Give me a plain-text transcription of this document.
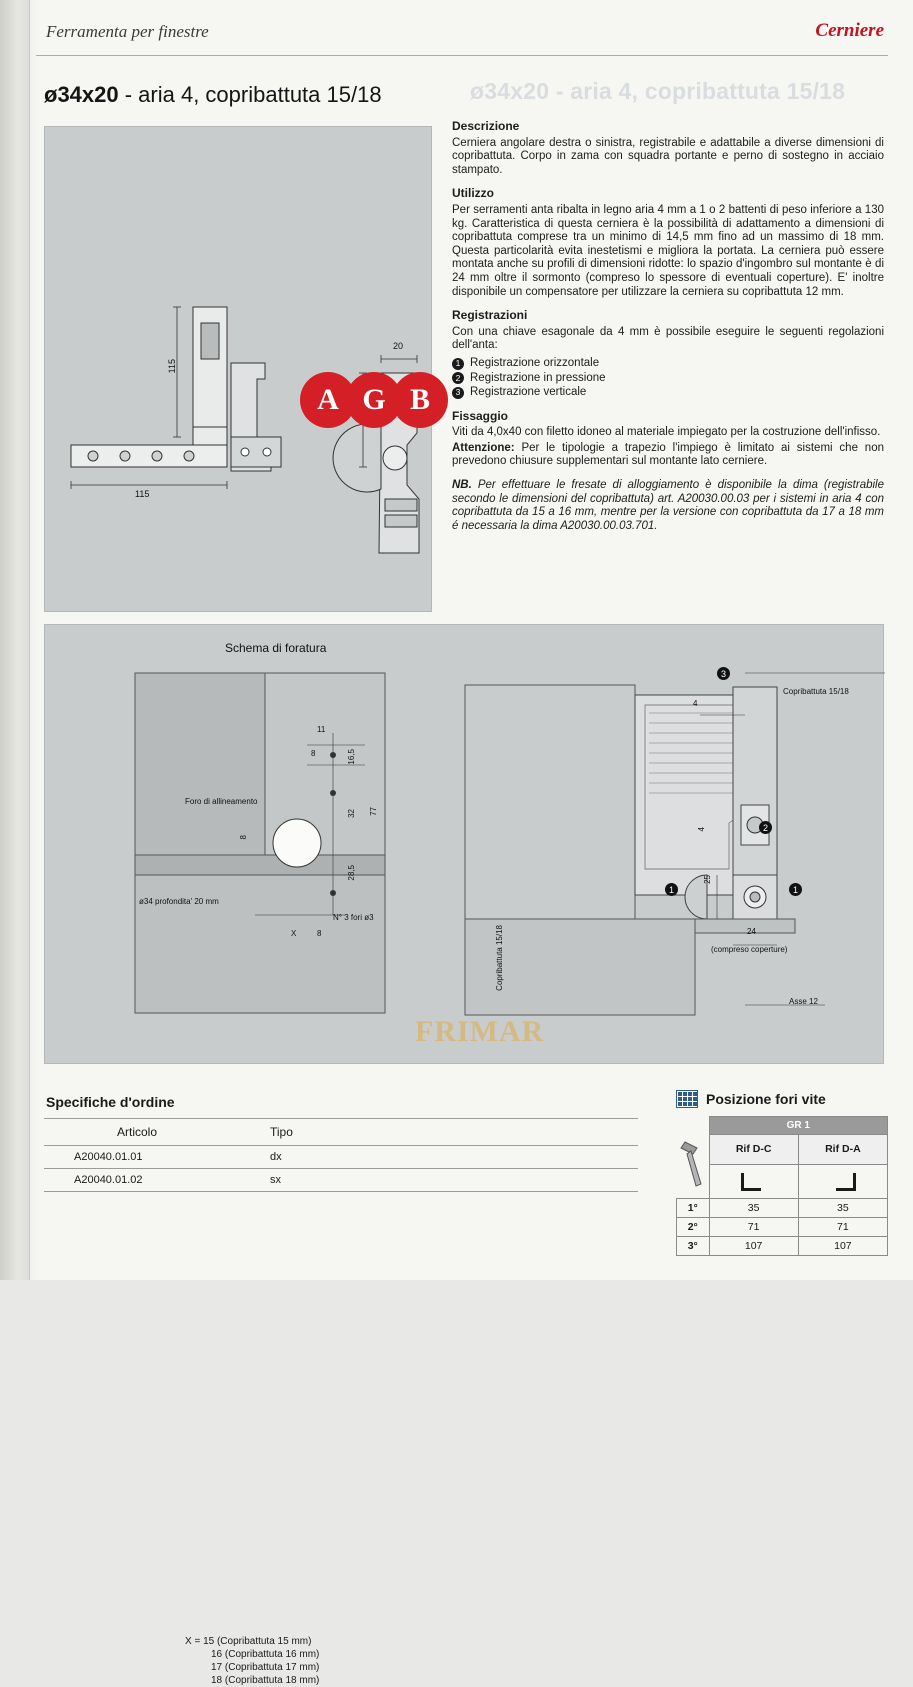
Ferramenta per finestre	Cerniere
ø34x20 - aria 4, copribattuta 15/18
ø34x20 - aria 4, copribattuta 15/18
115
115
20
A G B
Descrizione

Cerniera angolare destra o sinistra, registrabile e adattabile a diverse dimensioni di copribattuta. Corpo in zama con squadra portante e perno di sostegno in acciaio stampato.

Utilizzo

Per serramenti anta ribalta in legno aria 4 mm a 1 o 2 battenti di peso inferiore a 130 kg. Caratteristica di questa cerniera è la possibilità di adattamento a dimensioni di copribattuta comprese tra un minimo di 14,5 mm fino ad un massimo di 18 mm. Questa particolarità evita inestetismi e migliora la portata. La cerniera può essere montata anche su profili di dimensioni ridotte: lo spazio d'ingombro sul montante è di 24 mm oltre il sormonto (compreso lo spessore di eventuali coperture). E' inoltre disponibile un compensatore per utilizzare la cerniera su copribattuta 12 mm.

Registrazioni

Con una chiave esagonale da 4 mm è possibile eseguire le seguenti regolazioni dell'anta:

1 Registrazione orizzontale
2 Registrazione in pressione
3 Registrazione verticale
Fissaggio

Viti da 4,0x40 con filetto idoneo al materiale impiegato per la costruzione dell'infisso.

Attenzione: Per le tipologie a trapezio l'impiego è limitato ai sistemi che non prevedono chiusure supplementari sul montante lato cerniere.

NB. Per effettuare le fresate di alloggiamento è disponibile la dima (registrabile secondo le dimensioni del copribattuta) art. A20030.00.03 per i sistemi in aria 4 con copribattuta da 15 a 16 mm, mentre per la versione con copribattuta da 17 a 18 mm é necessaria la dima A20030.00.03.701.

Schema di foratura
11
8	16,5
32 77
28,5
8
X	8
4
4
25
24
Foro di allineamento
ø34 profondita' 20 mm
N° 3 fori ø3
Copribattuta 15/18
Copribattuta 15/18	(compreso coperture)
Asse 12
3
2
1
1
FRIMAR
X = 15 (Copribattuta 15 mm)
16 (Copribattuta 16 mm)
17 (Copribattuta 17 mm)
18 (Copribattuta 18 mm)
Specifiche d'ordine
Articolo	Tipo
A20040.01.01	dx
A20040.01.02	sx
Posizione fori vite
	GR 1	
	Rif D-C	Rif D-A

1°	35	35
2°	71	71
3°	107	107
